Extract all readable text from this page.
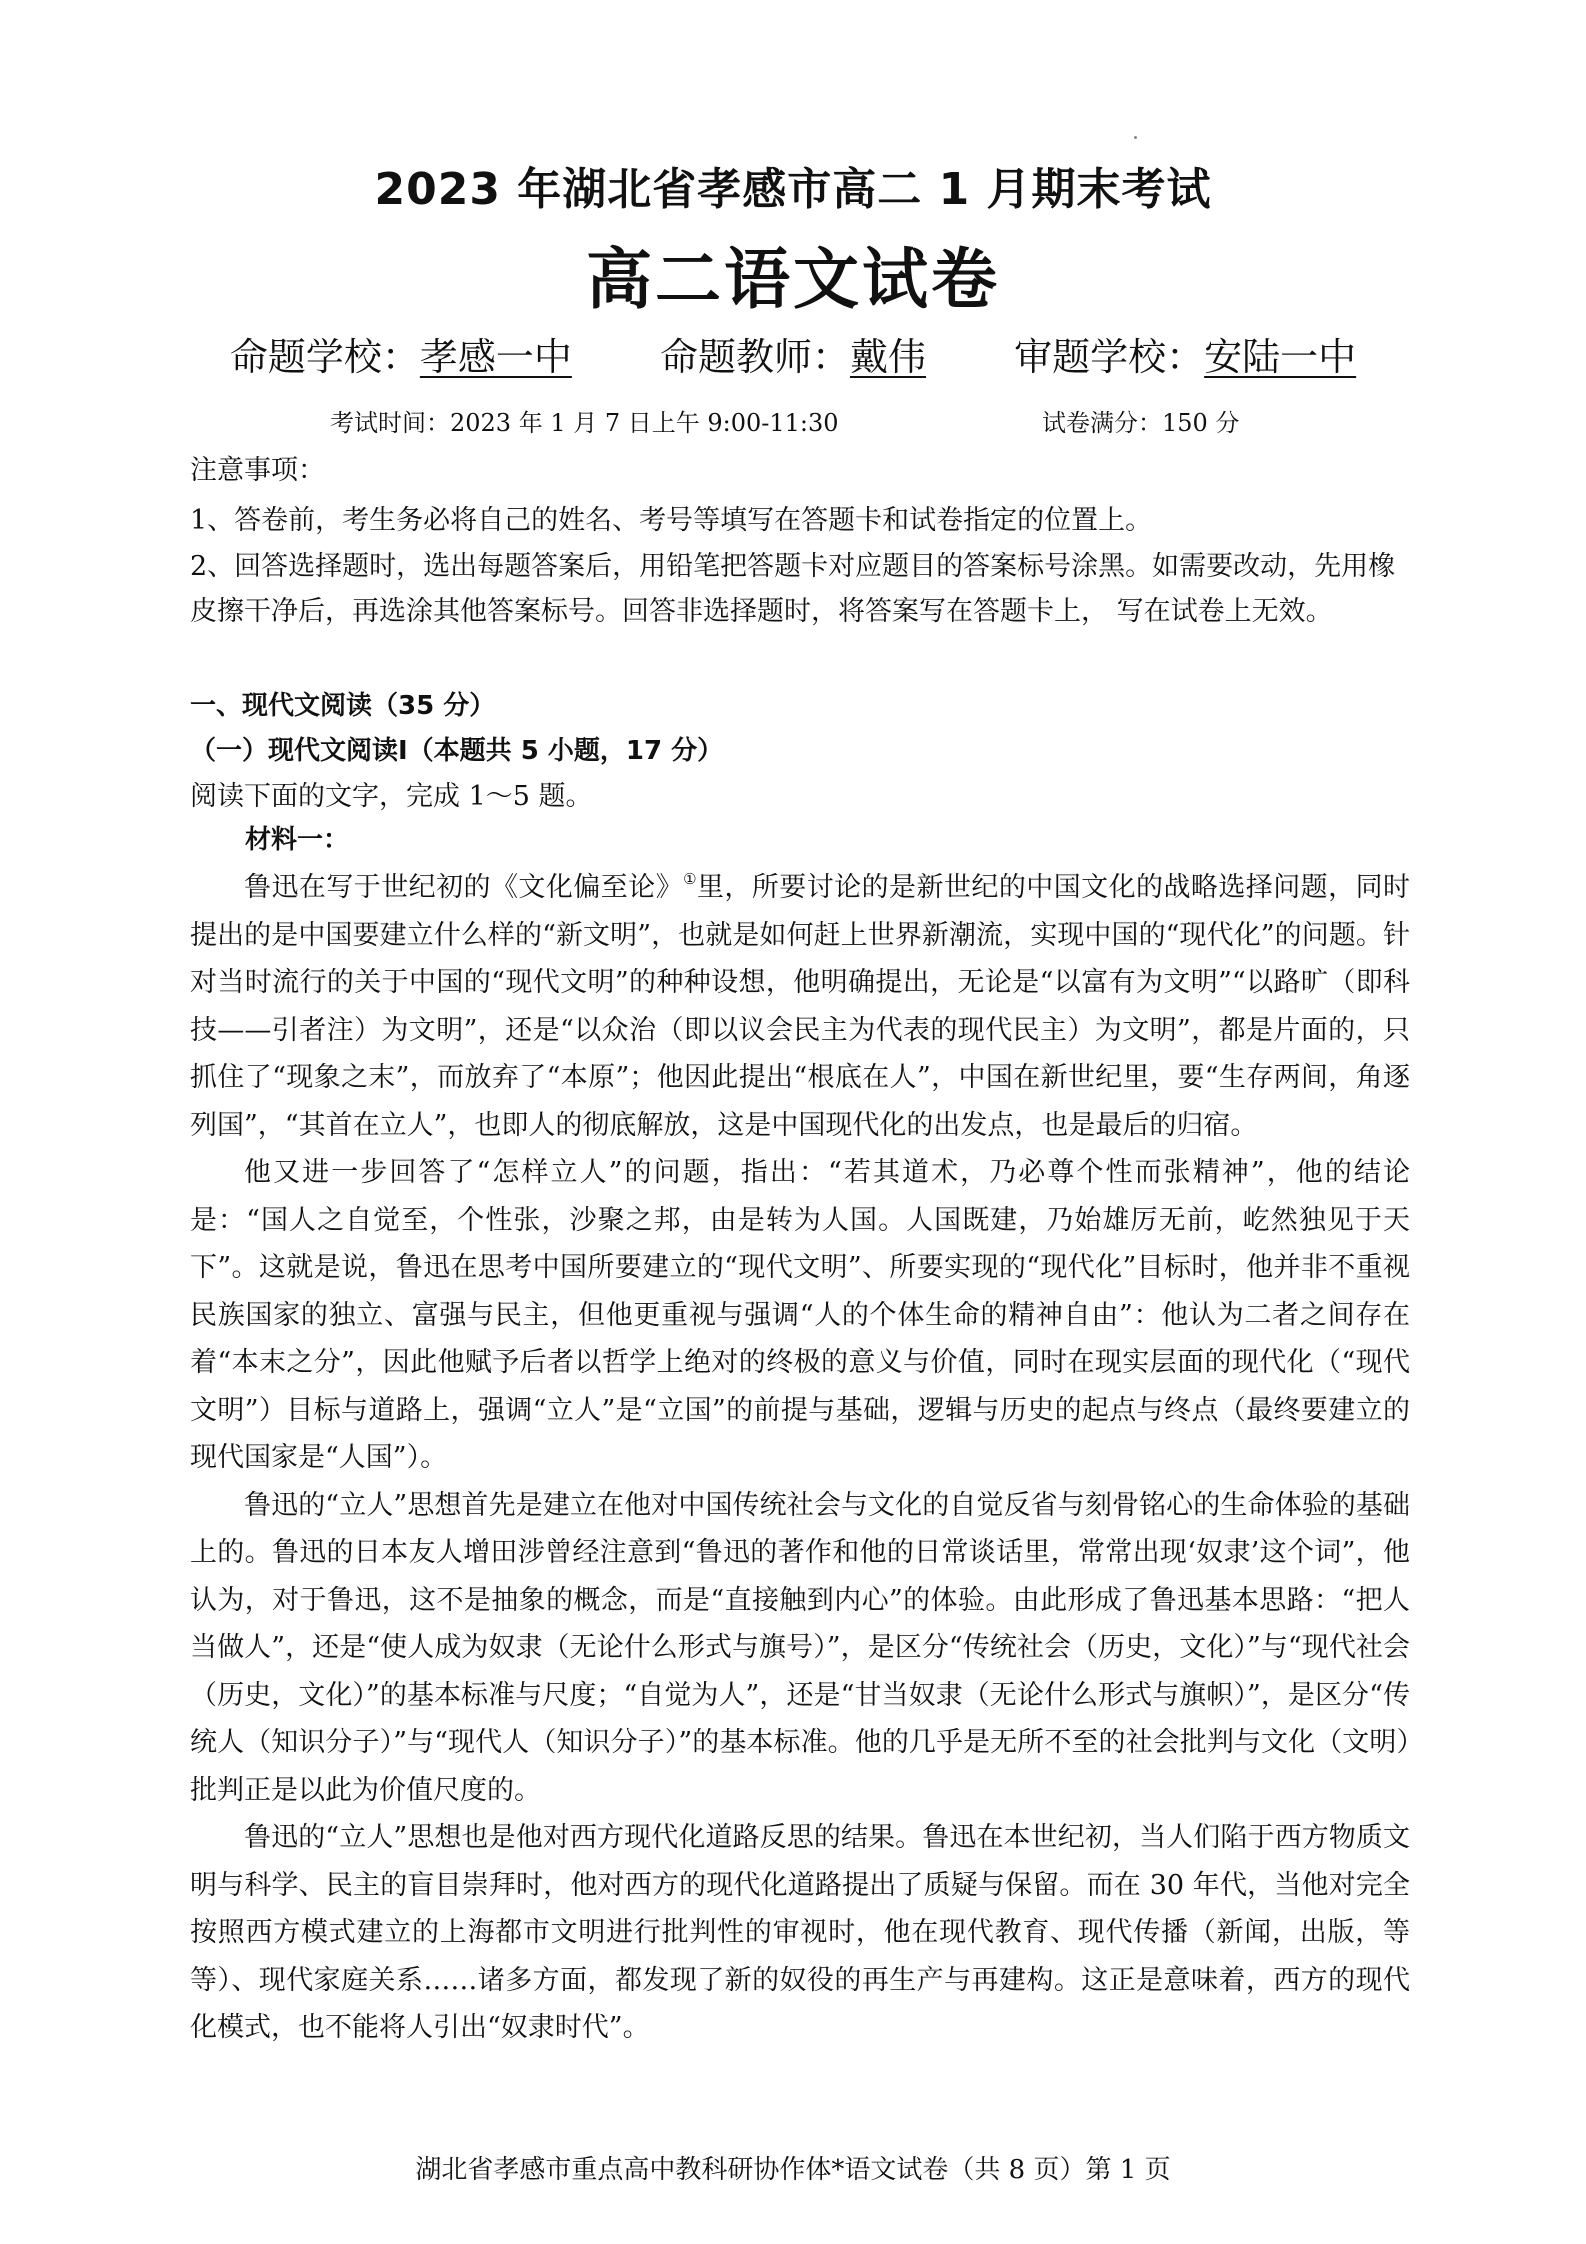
2023 年湖北省孝感市高二 1 月期末考试
高二语文试卷
命题学校：孝感一中 命题教师：戴伟 审题学校：安陆一中
考试时间：2023 年 1 月 7 日上午 9:00-11:30	试卷满分：150 分
注意事项：
1、答卷前，考生务必将自己的姓名、考号等填写在答题卡和试卷指定的位置上。
2、回答选择题时，选出每题答案后，用铅笔把答题卡对应题目的答案标号涂黑。如需要改动，先用橡皮擦干净后，再选涂其他答案标号。回答非选择题时，将答案写在答题卡上， 写在试卷上无效。
一、现代文阅读（35 分）
（一）现代文阅读Ⅰ（本题共 5 小题，17 分）
阅读下面的文字，完成 1～5 题。
材料一：

鲁迅在写于世纪初的《文化偏至论》①里，所要讨论的是新世纪的中国文化的战略选择问题，同时提出的是中国要建立什么样的“新文明”，也就是如何赶上世界新潮流，实现中国的“现代化”的问题。针对当时流行的关于中国的“现代文明”的种种设想，他明确提出，无论是“以富有为文明”“以路旷（即科技——引者注）为文明”，还是“以众治（即以议会民主为代表的现代民主）为文明”，都是片面的，只抓住了“现象之末”，而放弃了“本原”；他因此提出“根底在人”，中国在新世纪里，要“生存两间，角逐列国”，“其首在立人”，也即人的彻底解放，这是中国现代化的出发点，也是最后的归宿。

他又进一步回答了“怎样立人”的问题，指出：“若其道术，乃必尊个性而张精神”，他的结论是：“国人之自觉至，个性张，沙聚之邦，由是转为人国。人国既建，乃始雄厉无前，屹然独见于天下”。这就是说，鲁迅在思考中国所要建立的“现代文明”、所要实现的“现代化”目标时，他并非不重视民族国家的独立、富强与民主，但他更重视与强调“人的个体生命的精神自由”：他认为二者之间存在着“本末之分”，因此他赋予后者以哲学上绝对的终极的意义与价值，同时在现实层面的现代化（“现代文明”）目标与道路上，强调“立人”是“立国”的前提与基础，逻辑与历史的起点与终点（最终要建立的现代国家是“人国”）。

鲁迅的“立人”思想首先是建立在他对中国传统社会与文化的自觉反省与刻骨铭心的生命体验的基础上的。鲁迅的日本友人增田涉曾经注意到“鲁迅的著作和他的日常谈话里，常常出现‘奴隶’这个词”，他认为，对于鲁迅，这不是抽象的概念，而是“直接触到内心”的体验。由此形成了鲁迅基本思路：“把人当做人”，还是“使人成为奴隶（无论什么形式与旗号）”，是区分“传统社会（历史，文化）”与“现代社会（历史，文化）”的基本标准与尺度；“自觉为人”，还是“甘当奴隶（无论什么形式与旗帜）”，是区分“传统人（知识分子）”与“现代人（知识分子）”的基本标准。他的几乎是无所不至的社会批判与文化（文明）批判正是以此为价值尺度的。

鲁迅的“立人”思想也是他对西方现代化道路反思的结果。鲁迅在本世纪初，当人们陷于西方物质文明与科学、民主的盲目崇拜时，他对西方的现代化道路提出了质疑与保留。而在 30 年代，当他对完全按照西方模式建立的上海都市文明进行批判性的审视时，他在现代教育、现代传播（新闻，出版，等等）、现代家庭关系……诸多方面，都发现了新的奴役的再生产与再建构。这正是意味着，西方的现代化模式，也不能将人引出“奴隶时代”。

湖北省孝感市重点高中教科研协作体*语文试卷（共 8 页）第 1 页
